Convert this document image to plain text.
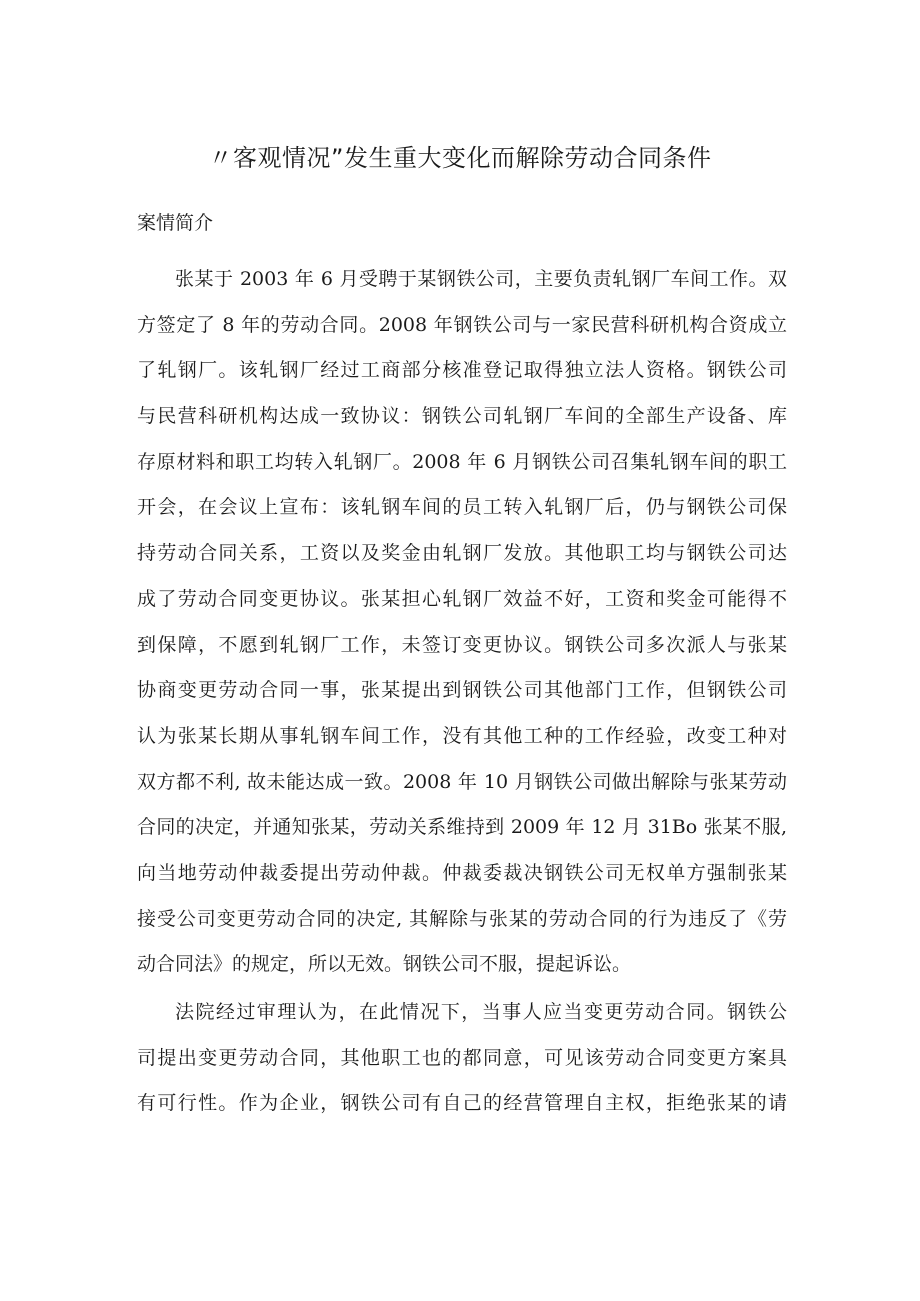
〃客观情况”发生重大变化而解除劳动合同条件
案情简介
张某于 2003 年 6 月受聘于某钢铁公司，主要负责轧钢厂车间工作。双
方签定了 8 年的劳动合同。2008 年钢铁公司与一家民营科研机构合资成立
了轧钢厂。该轧钢厂经过工商部分核准登记取得独立法人资格。钢铁公司
与民营科研机构达成一致协议：钢铁公司轧钢厂车间的全部生产设备、库
存原材料和职工均转入轧钢厂。2008 年 6 月钢铁公司召集轧钢车间的职工
开会，在会议上宣布：该轧钢车间的员工转入轧钢厂后，仍与钢铁公司保
持劳动合同关系，工资以及奖金由轧钢厂发放。其他职工均与钢铁公司达
成了劳动合同变更协议。张某担心轧钢厂效益不好，工资和奖金可能得不
到保障，不愿到轧钢厂工作，未签订变更协议。钢铁公司多次派人与张某
协商变更劳动合同一事，张某提出到钢铁公司其他部门工作，但钢铁公司
认为张某长期从事轧钢车间工作，没有其他工种的工作经验，改变工种对
双方都不利, 故未能达成一致。2008 年 10 月钢铁公司做出解除与张某劳动
合同的决定，并通知张某，劳动关系维持到 2009 年 12 月 31Bo 张某不服,
向当地劳动仲裁委提出劳动仲裁。仲裁委裁决钢铁公司无权单方强制张某
接受公司变更劳动合同的决定, 其解除与张某的劳动合同的行为违反了《劳
动合同法》的规定，所以无效。钢铁公司不服，提起诉讼。
法院经过审理认为，在此情况下，当事人应当变更劳动合同。钢铁公
司提出变更劳动合同，其他职工也的都同意，可见该劳动合同变更方案具
有可行性。作为企业，钢铁公司有自己的经营管理自主权，拒绝张某的请
